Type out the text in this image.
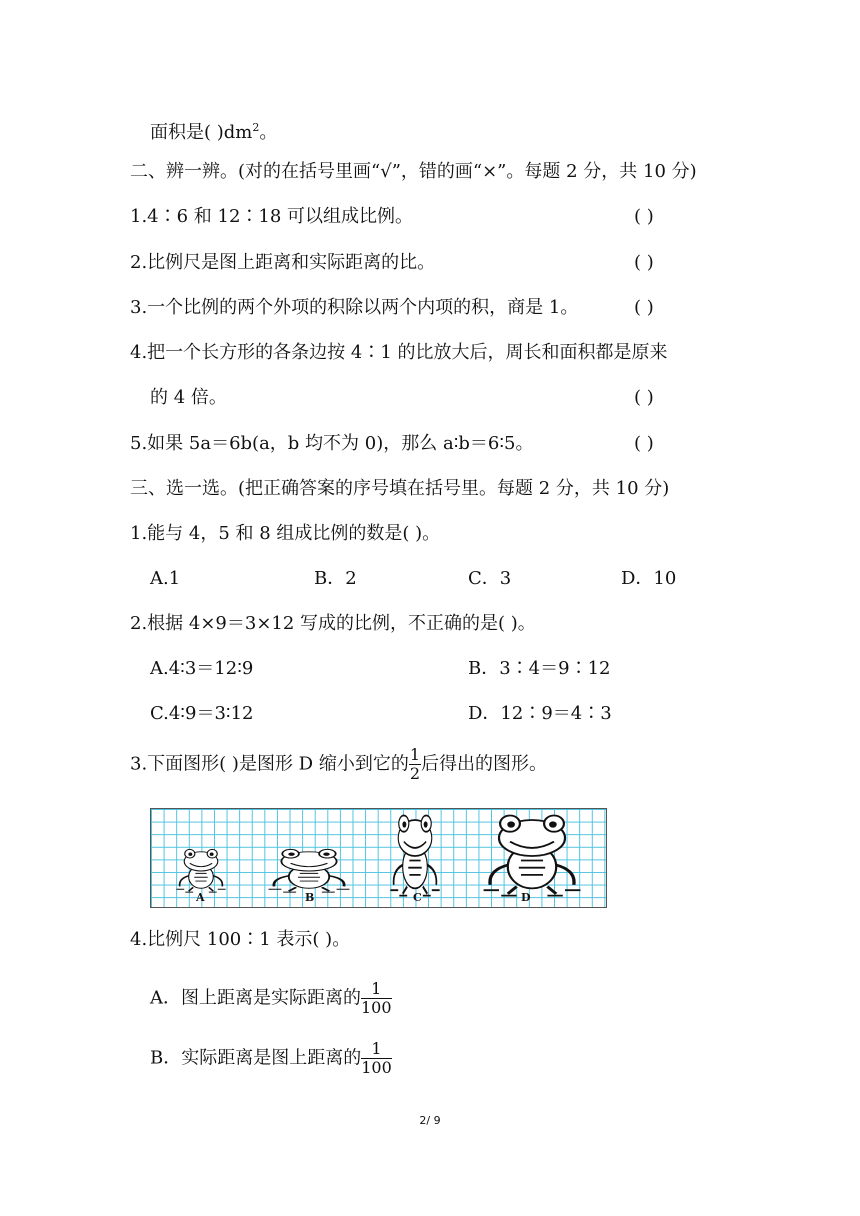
面积是( )$dm^2$。
二、辨一辨。(对的在括号里画“√”，错的画“×”。每题 2 分，共 10 分)
1.4∶6 和 12∶18 可以组成比例。	( )
2.比例尺是图上距离和实际距离的比。	( )
3.一个比例的两个外项的积除以两个内项的积，商是 1。	( )
4.把一个长方形的各条边按 4∶1 的比放大后，周长和面积都是原来
的 4 倍。	( )
5.如果 5a＝6b(a，b 均不为 0)，那么 a∶b＝6∶5。	( )
三、选一选。(把正确答案的序号填在括号里。每题 2 分，共 10 分)
1.能与 4，5 和 8 组成比例的数是( )。
A.1	B．2	C．3	D．10
2.根据 4×9＝3×12 写成的比例，不正确的是( )。
A.4∶3＝12∶9	B．3∶4＝9∶12
C.4∶9＝3∶12	D．12∶9＝4∶3
3.下面图形( )是图形 D 缩小到它的 $\frac{1}{2}$ 后得出的图形。
A	B	C	D
4.比例尺 100∶1 表示( )。
A．图上距离是实际距离的 $\frac{1}{100}$
B．实际距离是图上距离的 $\frac{1}{100}$
2/ 9
